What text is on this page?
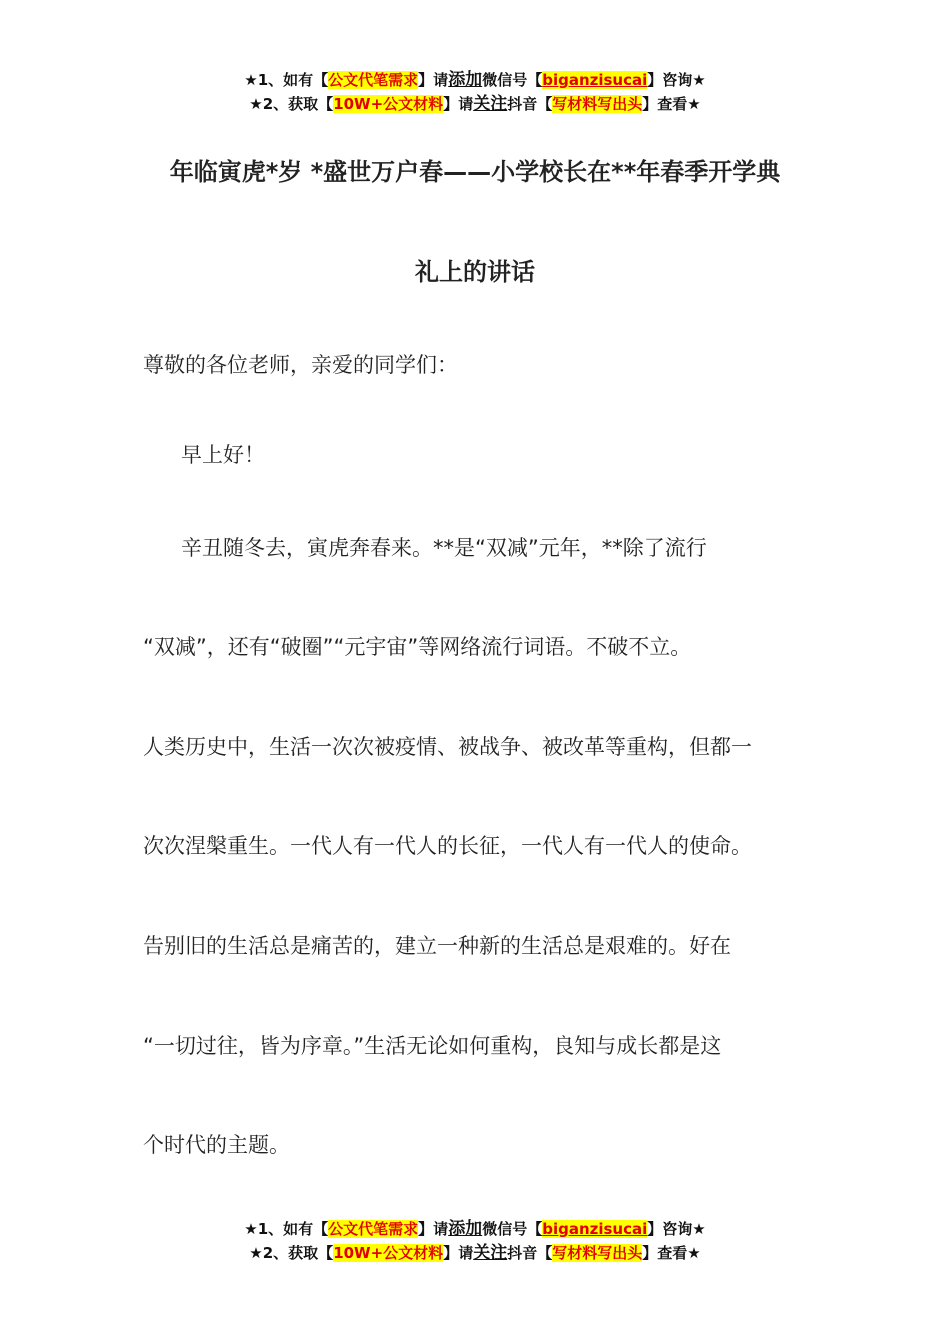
★1、如有【公文代笔需求】请添加微信号【biganzisucai】咨询★
★2、获取【10W+公文材料】请关注抖音【写材料写出头】查看★
年临寅虎*岁 *盛世万户春——小学校长在**年春季开学典
礼上的讲话
尊敬的各位老师，亲爱的同学们：
早上好！
辛丑随冬去，寅虎奔春来。**是“双减”元年，**除了流行
“双减”，还有“破圈”“元宇宙”等网络流行词语。不破不立。
人类历史中，生活一次次被疫情、被战争、被改革等重构，但都一
次次涅槃重生。一代人有一代人的长征，一代人有一代人的使命。
告别旧的生活总是痛苦的，建立一种新的生活总是艰难的。好在
“一切过往，皆为序章。”生活无论如何重构，良知与成长都是这
个时代的主题。
★1、如有【公文代笔需求】请添加微信号【biganzisucai】咨询★
★2、获取【10W+公文材料】请关注抖音【写材料写出头】查看★
